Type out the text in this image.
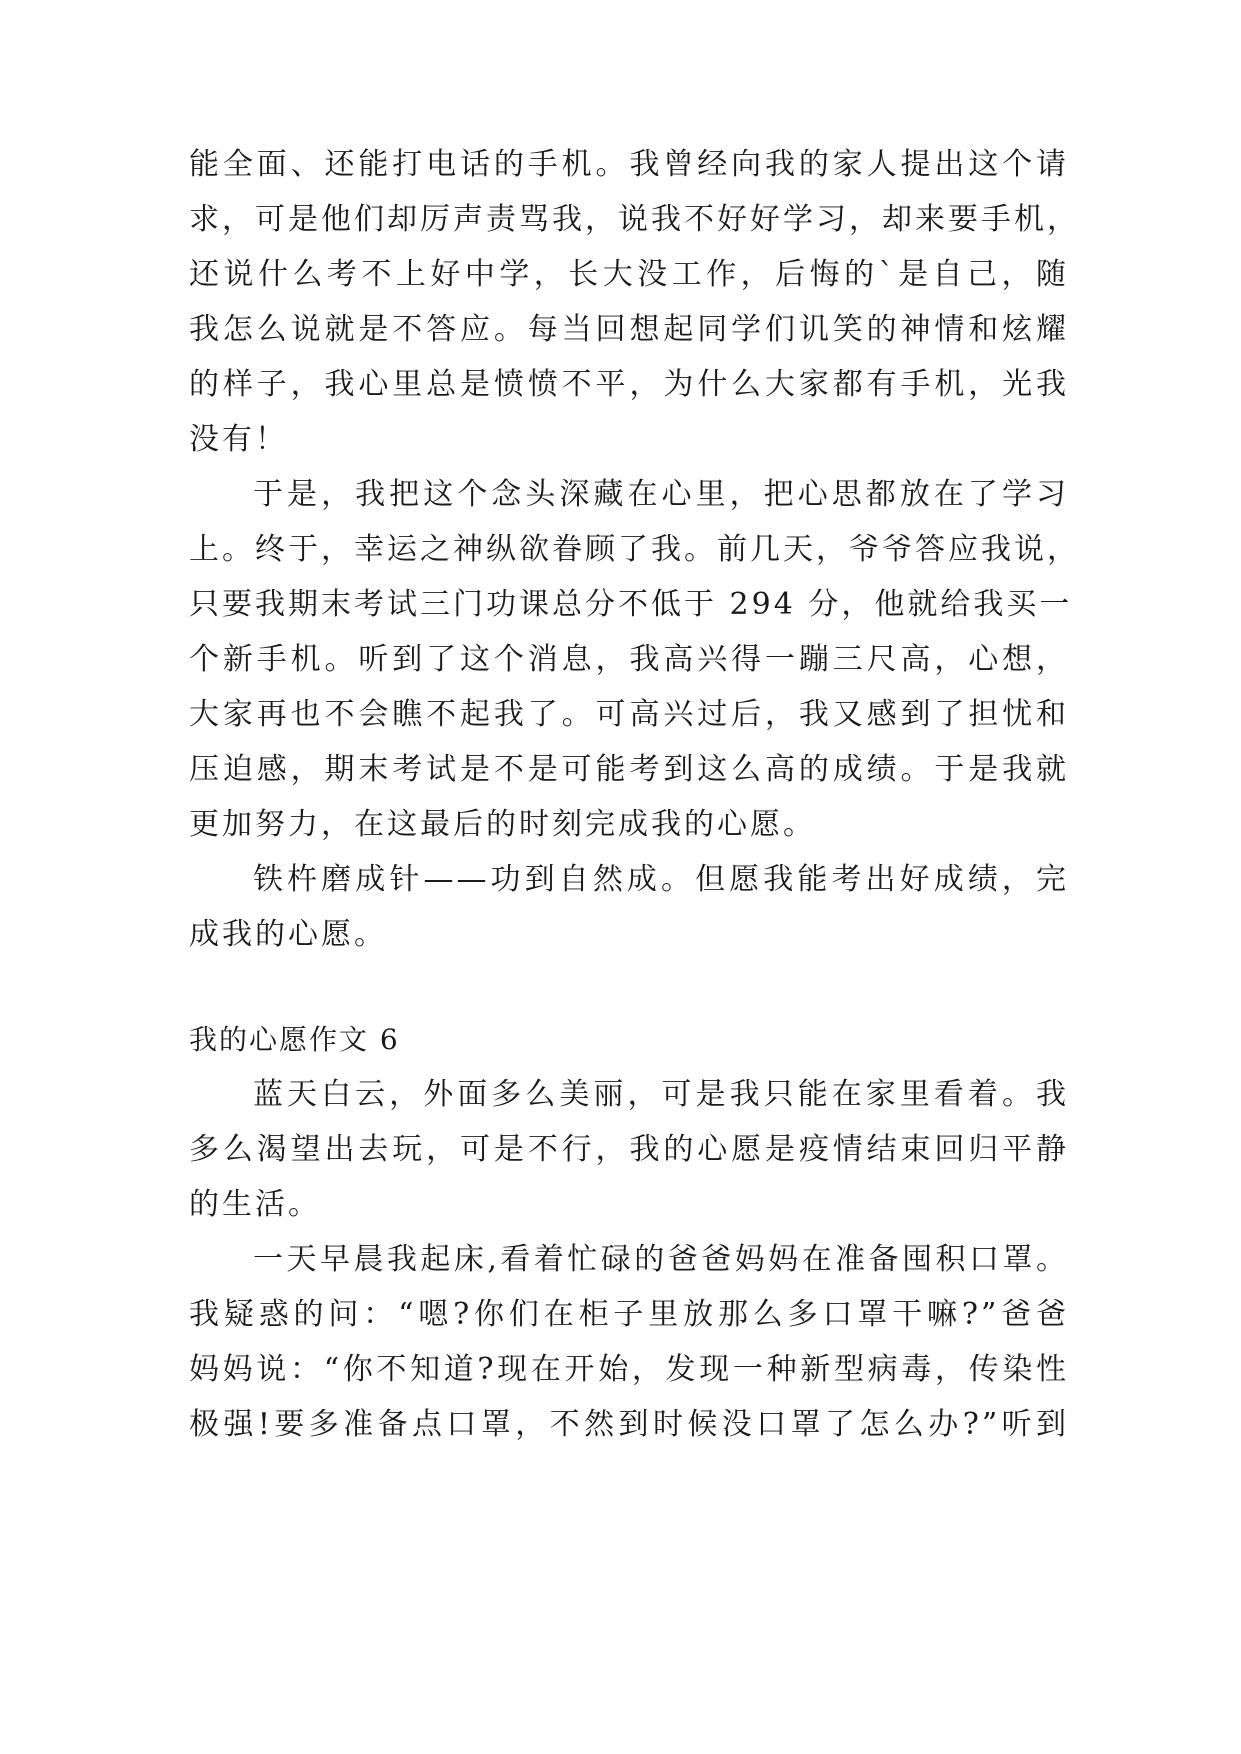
能全面、还能打电话的手机。我曾经向我的家人提出这个请
求，可是他们却厉声责骂我，说我不好好学习，却来要手机，
还说什么考不上好中学，长大没工作，后悔的`是自己，随
我怎么说就是不答应。每当回想起同学们讥笑的神情和炫耀
的样子，我心里总是愤愤不平，为什么大家都有手机，光我
没有！
于是，我把这个念头深藏在心里，把心思都放在了学习
上。终于，幸运之神纵欲眷顾了我。前几天，爷爷答应我说，
只要我期末考试三门功课总分不低于 294 分，他就给我买一
个新手机。听到了这个消息，我高兴得一蹦三尺高，心想，
大家再也不会瞧不起我了。可高兴过后，我又感到了担忧和
压迫感，期末考试是不是可能考到这么高的成绩。于是我就
更加努力，在这最后的时刻完成我的心愿。
铁杵磨成针——功到自然成。但愿我能考出好成绩，完
成我的心愿。
我的心愿作文 6
蓝天白云，外面多么美丽，可是我只能在家里看着。我
多么渴望出去玩，可是不行，我的心愿是疫情结束回归平静
的生活。
一天早晨我起床,看着忙碌的爸爸妈妈在准备囤积口罩。
我疑惑的问：“嗯?你们在柜子里放那么多口罩干嘛?”爸爸
妈妈说：“你不知道?现在开始，发现一种新型病毒，传染性
极强!要多准备点口罩，不然到时候没口罩了怎么办?”听到
